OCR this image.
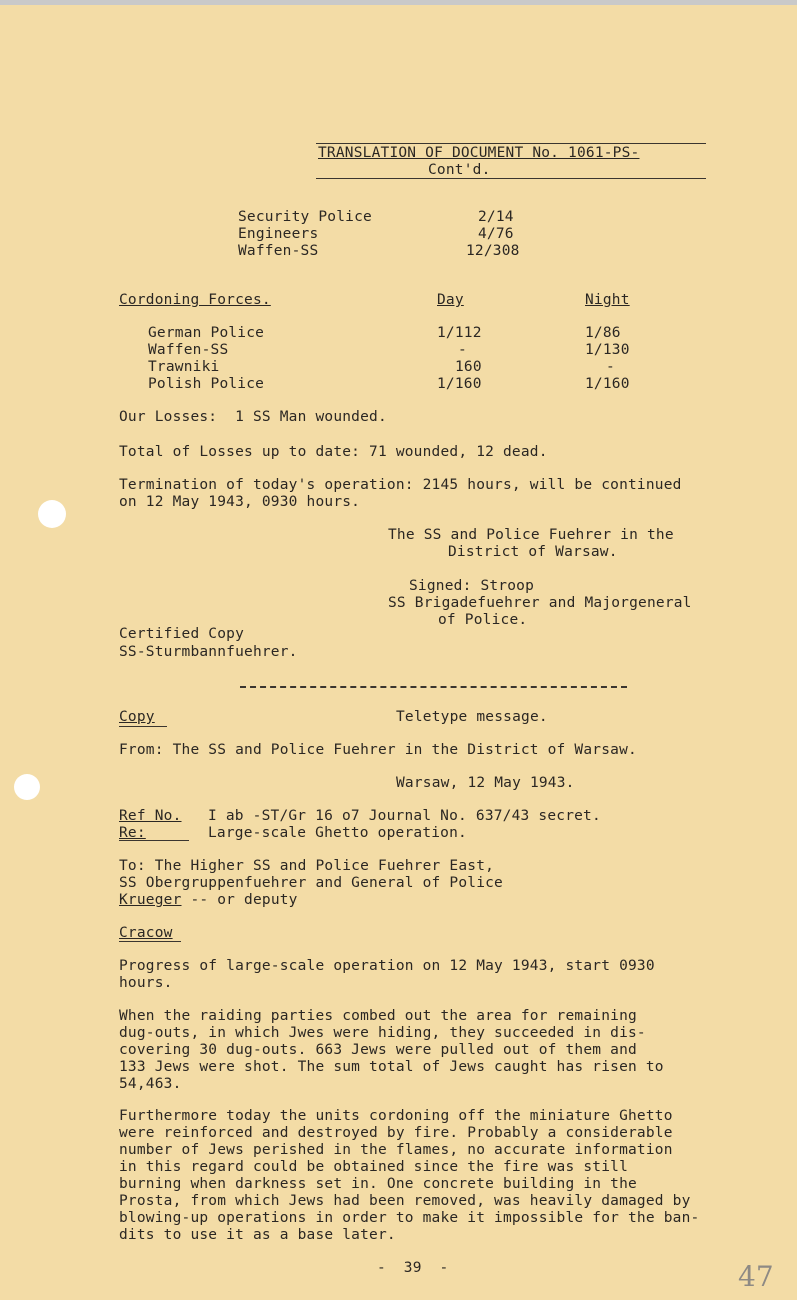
TRANSLATION OF DOCUMENT No. 1061-PS-
Cont'd.
Security Police	2/14
Engineers	4/76
Waffen-SS	12/308
Cordoning Forces.	Day	Night
German Police	1/112	1/86
Waffen-SS	-	1/130
Trawniki	160	-
Polish Police	1/160	1/160
Our Losses:  1 SS Man wounded.
Total of Losses up to date: 71 wounded, 12 dead.
Termination of today's operation: 2145 hours, will be continued
on 12 May 1943, 0930 hours.
The SS and Police Fuehrer in the
District of Warsaw.
Signed: Stroop
SS Brigadefuehrer and Majorgeneral
of Police.
Certified Copy
SS-Sturmbannfuehrer.
Copy	Teletype message.
From: The SS and Police Fuehrer in the District of Warsaw.
Warsaw, 12 May 1943.
Ref No. I ab -ST/Gr 16 o7 Journal No. 637/43 secret.
Re:	Large-scale Ghetto operation.
To: The Higher SS and Police Fuehrer East,
SS Obergruppenfuehrer and General of Police
Krueger -- or deputy
Cracow
Progress of large-scale operation on 12 May 1943, start 0930
hours.
When the raiding parties combed out the area for remaining
dug-outs, in which Jwes were hiding, they succeeded in dis-
covering 30 dug-outs. 663 Jews were pulled out of them and
133 Jews were shot. The sum total of Jews caught has risen to
54,463.
Furthermore today the units cordoning off the miniature Ghetto
were reinforced and destroyed by fire. Probably a considerable
number of Jews perished in the flames, no accurate information
in this regard could be obtained since the fire was still
burning when darkness set in. One concrete building in the
Prosta, from which Jews had been removed, was heavily damaged by
blowing-up operations in order to make it impossible for the ban-
dits to use it as a base later.
-  39  -	47
